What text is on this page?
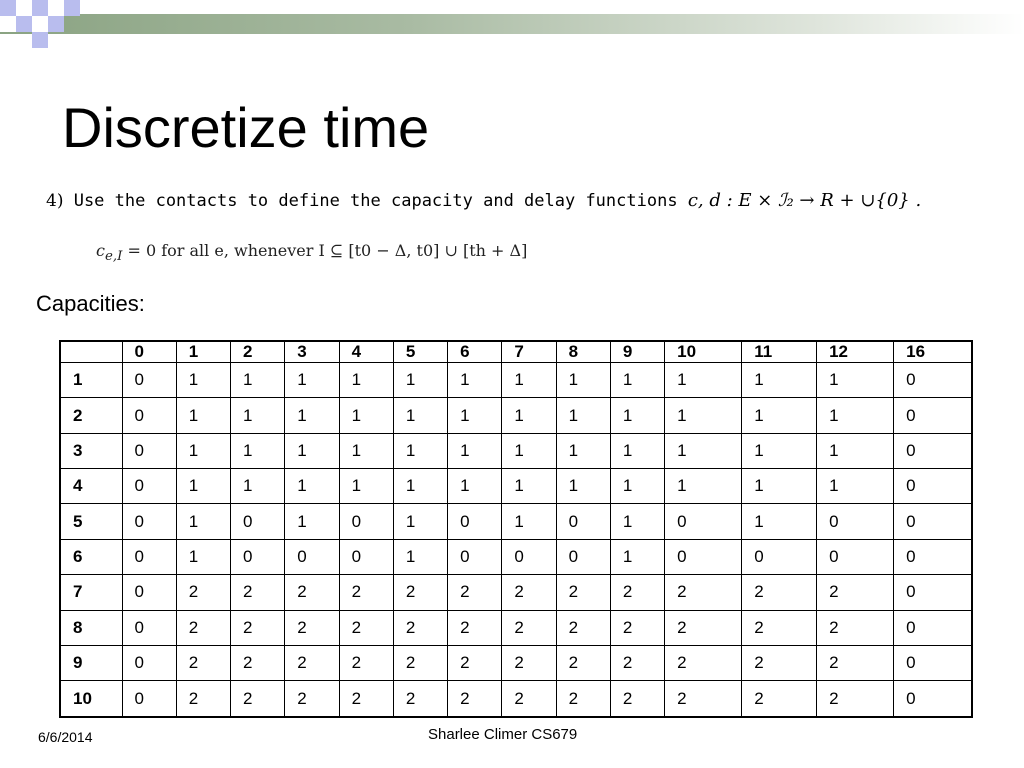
Discretize time
4) Use the contacts to define the capacity and delay functions c, d : E × ℐ₂ → R + ∪{0} .
$c_{e,I} = 0$ for all e, whenever I ⊆ [t0 − Δ, t0] ∪ [th + Δ]
Capacities:
	0	1	2	3	4	5	6	7	8	9	10	11	12	16
1	0	1	1	1	1	1	1	1	1	1	1	1	1	0
2	0	1	1	1	1	1	1	1	1	1	1	1	1	0
3	0	1	1	1	1	1	1	1	1	1	1	1	1	0
4	0	1	1	1	1	1	1	1	1	1	1	1	1	0
5	0	1	0	1	0	1	0	1	0	1	0	1	0	0
6	0	1	0	0	0	1	0	0	0	1	0	0	0	0
7	0	2	2	2	2	2	2	2	2	2	2	2	2	0
8	0	2	2	2	2	2	2	2	2	2	2	2	2	0
9	0	2	2	2	2	2	2	2	2	2	2	2	2	0
10	0	2	2	2	2	2	2	2	2	2	2	2	2	0
6/6/2014	Sharlee Climer CS679
